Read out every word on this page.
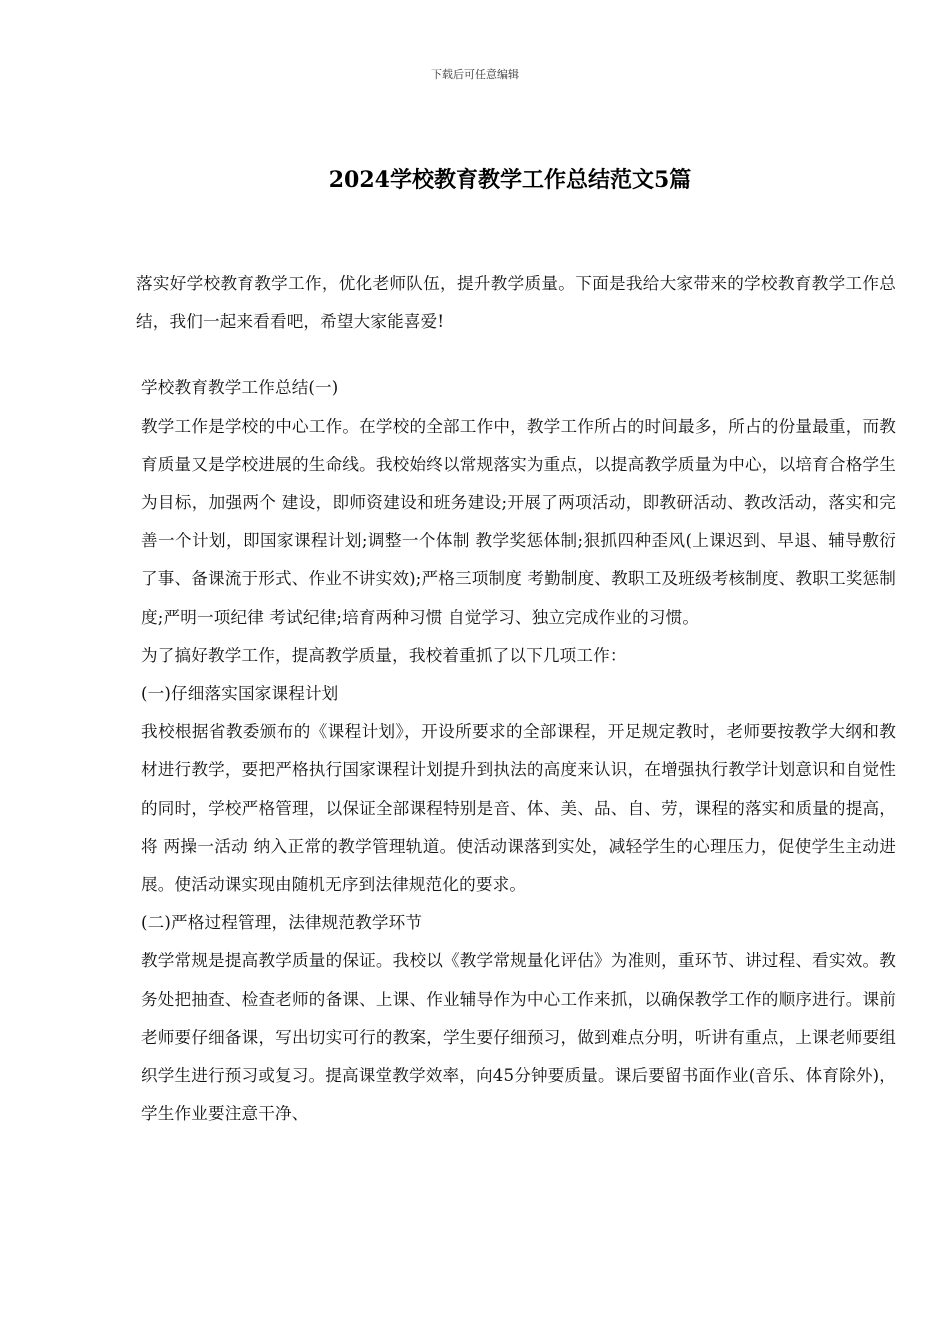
下载后可任意编辑
2024学校教育教学工作总结范文5篇

落实好学校教育教学工作，优化老师队伍，提升教学质量。下面是我给大家带来的学校教育教学工作总结，我们一起来看看吧，希望大家能喜爱!

学校教育教学工作总结(一)

教学工作是学校的中心工作。在学校的全部工作中，教学工作所占的时间最多，所占的份量最重，而教育质量又是学校进展的生命线。我校始终以常规落实为重点，以提高教学质量为中心，以培育合格学生为目标，加强两个 建设，即师资建设和班务建设;开展了两项活动，即教研活动、教改活动，落实和完善一个计划，即国家课程计划;调整一个体制 教学奖惩体制;狠抓四种歪风(上课迟到、早退、辅导敷衍了事、备课流于形式、作业不讲实效);严格三项制度 考勤制度、教职工及班级考核制度、教职工奖惩制度;严明一项纪律 考试纪律;培育两种习惯 自觉学习、独立完成作业的习惯。

为了搞好教学工作，提高教学质量，我校着重抓了以下几项工作：

(一)仔细落实国家课程计划

我校根据省教委颁布的《课程计划》，开设所要求的全部课程，开足规定教时，老师要按教学大纲和教材进行教学，要把严格执行国家课程计划提升到执法的高度来认识，在增强执行教学计划意识和自觉性的同时，学校严格管理，以保证全部课程特别是音、体、美、品、自、劳，课程的落实和质量的提高，将 两操一活动 纳入正常的教学管理轨道。使活动课落到实处，减轻学生的心理压力，促使学生主动进展。使活动课实现由随机无序到法律规范化的要求。

(二)严格过程管理，法律规范教学环节

教学常规是提高教学质量的保证。我校以《教学常规量化评估》为准则，重环节、讲过程、看实效。教务处把抽查、检查老师的备课、上课、作业辅导作为中心工作来抓，以确保教学工作的顺序进行。课前老师要仔细备课，写出切实可行的教案，学生要仔细预习，做到难点分明，听讲有重点，上课老师要组织学生进行预习或复习。提高课堂教学效率，向45分钟要质量。课后要留书面作业(音乐、体育除外)，学生作业要注意干净、
